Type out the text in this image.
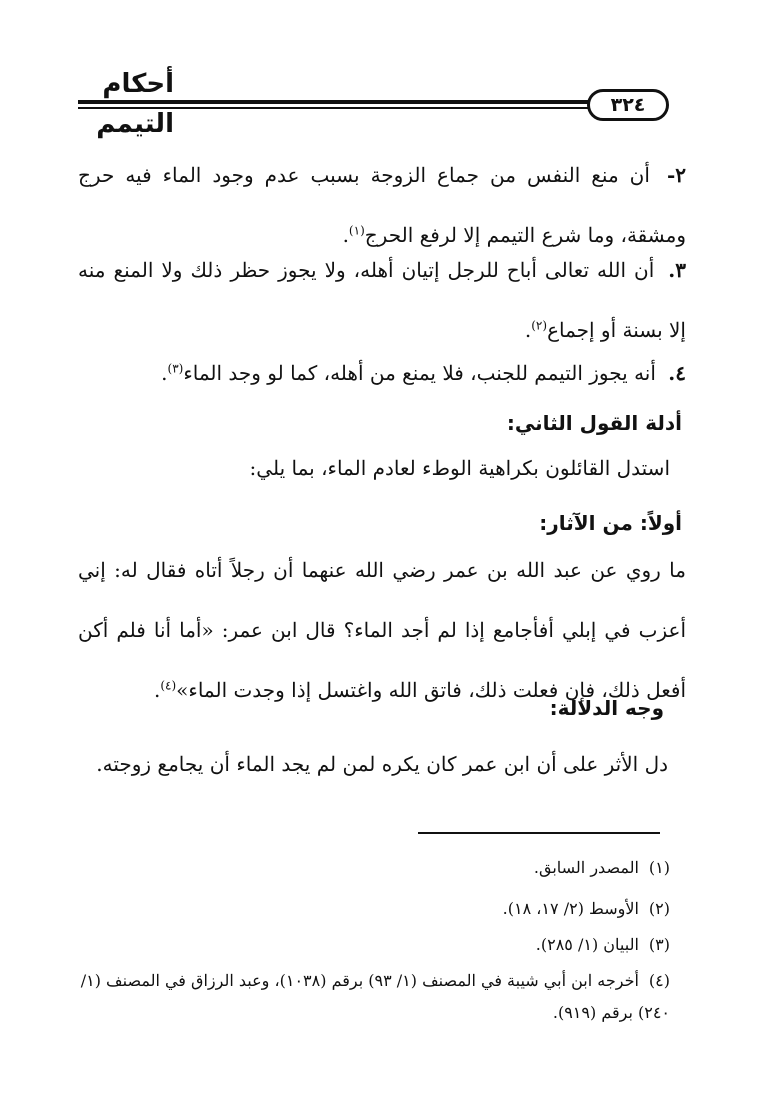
أحكام التيمم
٣٢٤
٢- أن منع النفس من جماع الزوجة بسبب عدم وجود الماء فيه حرج ومشقة، وما شرع التيمم إلا لرفع الحرج$^{(١)}$.
٣. أن الله تعالى أباح للرجل إتيان أهله، ولا يجوز حظر ذلك ولا المنع منه إلا بسنة أو إجماع$^{(٢)}$.
٤. أنه يجوز التيمم للجنب، فلا يمنع من أهله، كما لو وجد الماء$^{(٣)}$.
أدلة القول الثاني:
استدل القائلون بكراهية الوطء لعادم الماء، بما يلي:
أولاً: من الآثار:
ما روي عن عبد الله بن عمر رضي الله عنهما أن رجلاً أتاه فقال له: إني أعزب في إبلي أفأجامع إذا لم أجد الماء؟ قال ابن عمر: «أما أنا فلم أكن أفعل ذلك، فإن فعلت ذلك، فاتق الله واغتسل إذا وجدت الماء»$^{(٤)}$.
وجه الدلالة:
دل الأثر على أن ابن عمر كان يكره لمن لم يجد الماء أن يجامع زوجته.
(١)المصدر السابق.
(٢)الأوسط (٢/ ١٧، ١٨).
(٣)البيان (١/ ٢٨٥).
(٤)أخرجه ابن أبي شيبة في المصنف (١/ ٩٣) برقم (١٠٣٨)، وعبد الرزاق في المصنف (١/ ٢٤٠) برقم (٩١٩).
